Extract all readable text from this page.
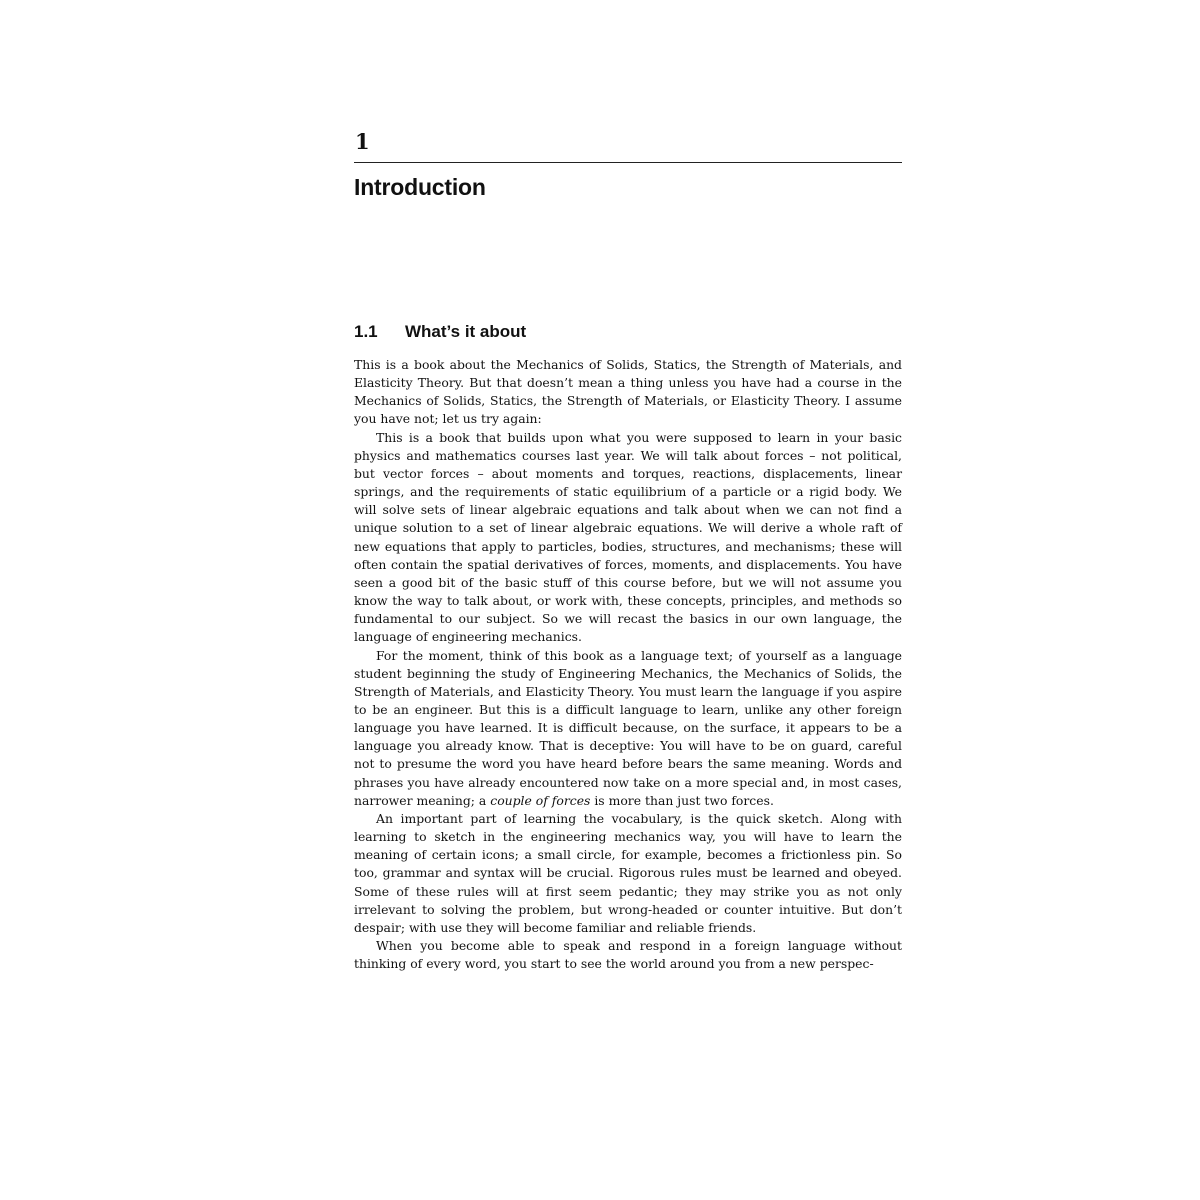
1
Introduction
1.1	What’s it about

This is a book about the Mechanics of Solids, Statics, the Strength of Materials, and Elasticity Theory. But that doesn’t mean a thing unless you have had a course in the Mechanics of Solids, Statics, the Strength of Materials, or Elasticity Theory. I assume you have not; let us try again:

This is a book that builds upon what you were supposed to learn in your basic physics and mathematics courses last year. We will talk about forces – not political, but vector forces – about moments and torques, reactions, displacements, linear springs, and the requirements of static equilibrium of a particle or a rigid body. We will solve sets of linear algebraic equations and talk about when we can not find a unique solution to a set of linear algebraic equations. We will derive a whole raft of new equations that apply to particles, bodies, structures, and mechanisms; these will often contain the spatial derivatives of forces, moments, and displacements. You have seen a good bit of the basic stuff of this course before, but we will not assume you know the way to talk about, or work with, these concepts, principles, and methods so fundamental to our subject. So we will recast the basics in our own language, the language of engineering mechanics.

For the moment, think of this book as a language text; of yourself as a language student beginning the study of Engineering Mechanics, the Mechanics of Solids, the Strength of Materials, and Elasticity Theory. You must learn the language if you aspire to be an engineer. But this is a difficult language to learn, unlike any other foreign language you have learned. It is difficult because, on the surface, it appears to be a language you already know. That is deceptive: You will have to be on guard, careful not to presume the word you have heard before bears the same meaning. Words and phrases you have already encountered now take on a more special and, in most cases, narrower meaning; a couple of forces is more than just two forces.

An important part of learning the vocabulary, is the quick sketch. Along with learning to sketch in the engineering mechanics way, you will have to learn the meaning of certain icons; a small circle, for example, becomes a frictionless pin. So too, grammar and syntax will be crucial. Rigorous rules must be learned and obeyed. Some of these rules will at first seem pedantic; they may strike you as not only irrelevant to solving the problem, but wrong-headed or counter intuitive. But don’t despair; with use they will become familiar and reliable friends.

When you become able to speak and respond in a foreign language without thinking of every word, you start to see the world around you from a new perspec-
